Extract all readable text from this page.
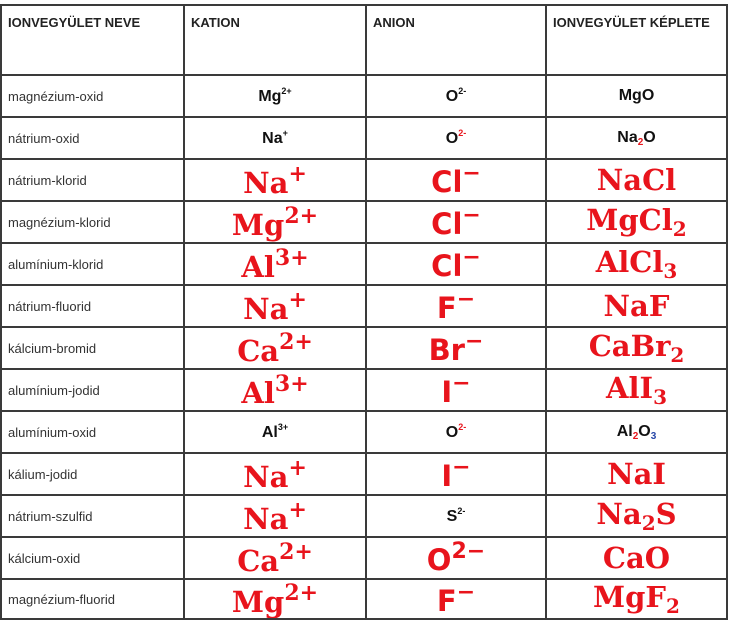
IONVEGYÜLET NEVE	KATION	ANION	IONVEGYÜLET KÉPLETE
magnézium-oxid	$Mg^{2+}$	$O^{2-}$	MgO
nátrium-oxid	Na+	$O^{2-}$	$Na_2O$
nátrium-klorid	Na+	Cl−	NaCl
magnézium-klorid	$Mg^{2+}$	Cl−	MgCl$_2$
alumínium-klorid	$Al^{3+}$	Cl−	AlCl$_3$
nátrium-fluorid	Na+	F−	NaF
kálcium-bromid	$Ca^{2+}$	Br−	CaBr$_2$
alumínium-jodid	$Al^{3+}$	I−	AlI$_3$
alumínium-oxid	$Al^{3+}$	$O^{2-}$	$Al_2O_3$
kálium-jodid	Na+	I−	NaI
nátrium-szulfid	Na+	$S^{2-}$	$Na_2S$
kálcium-oxid	$Ca^{2+}$	$O^{2-}$	CaO
magnézium-fluorid	$Mg^{2+}$	F−	MgF$_2$
